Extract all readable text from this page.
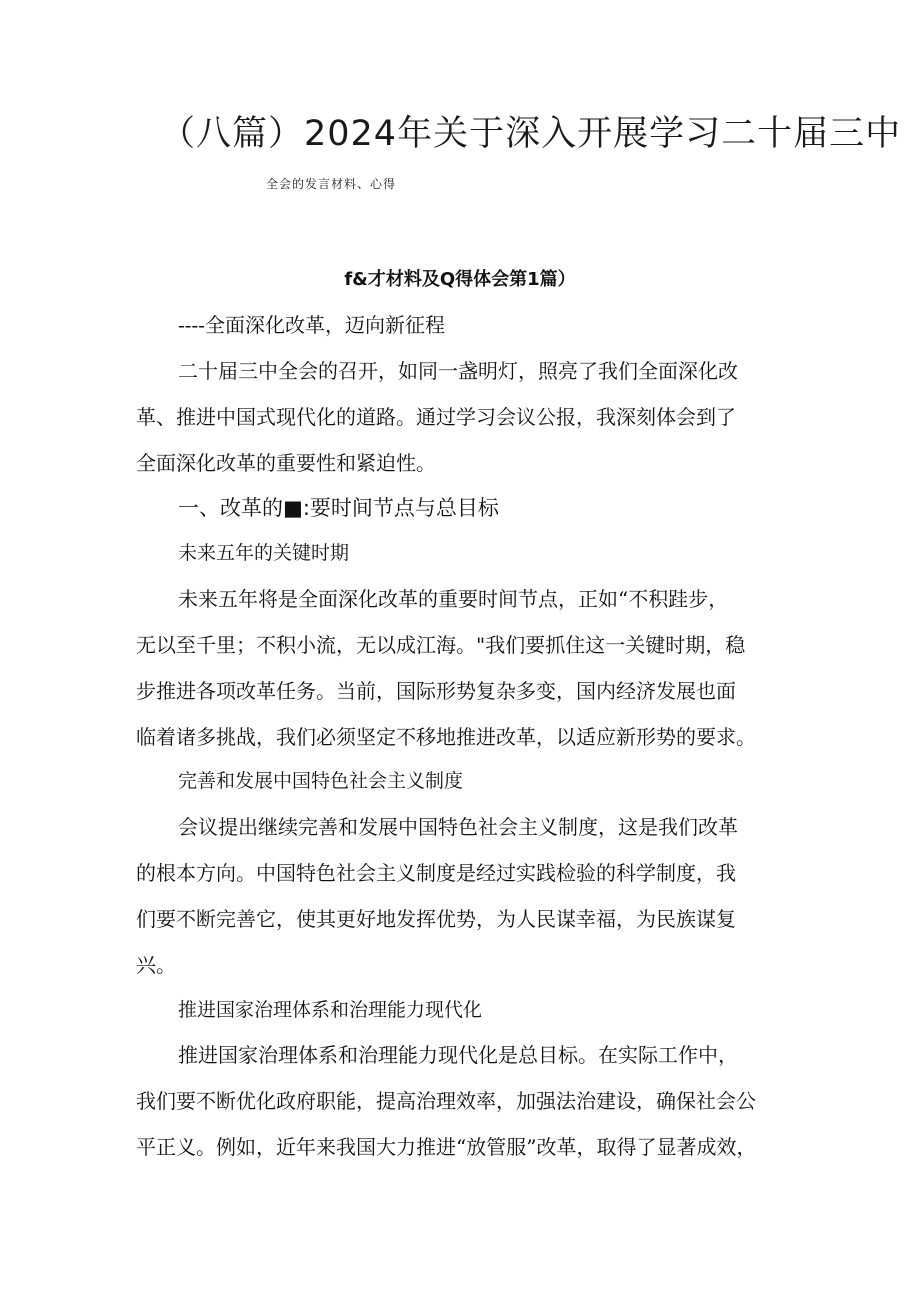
（八篇）2024年关于深入开展学习二十届三中
全会的发言材料、心得
f&才材料及Q得体会第1篇）
----全面深化改革，迈向新征程
二十届三中全会的召开，如同一盏明灯，照亮了我们全面深化改
革、推进中国式现代化的道路。通过学习会议公报，我深刻体会到了
全面深化改革的重要性和紧迫性。
一、改革的■:要时间节点与总目标
未来五年的关键时期
未来五年将是全面深化改革的重要时间节点，正如“不积跬步，
无以至千里；不积小流，无以成江海。"我们要抓住这一关键时期，稳
步推进各项改革任务。当前，国际形势复杂多变，国内经济发展也面
临着诸多挑战，我们必须坚定不移地推进改革，以适应新形势的要求。
完善和发展中国特色社会主义制度
会议提出继续完善和发展中国特色社会主义制度，这是我们改革
的根本方向。中国特色社会主义制度是经过实践检验的科学制度，我
们要不断完善它，使其更好地发挥优势，为人民谋幸福，为民族谋复
兴。
推进国家治理体系和治理能力现代化
推进国家治理体系和治理能力现代化是总目标。在实际工作中，
我们要不断优化政府职能，提高治理效率，加强法治建设，确保社会公
平正义。例如，近年来我国大力推进“放管服”改革，取得了显著成效，
